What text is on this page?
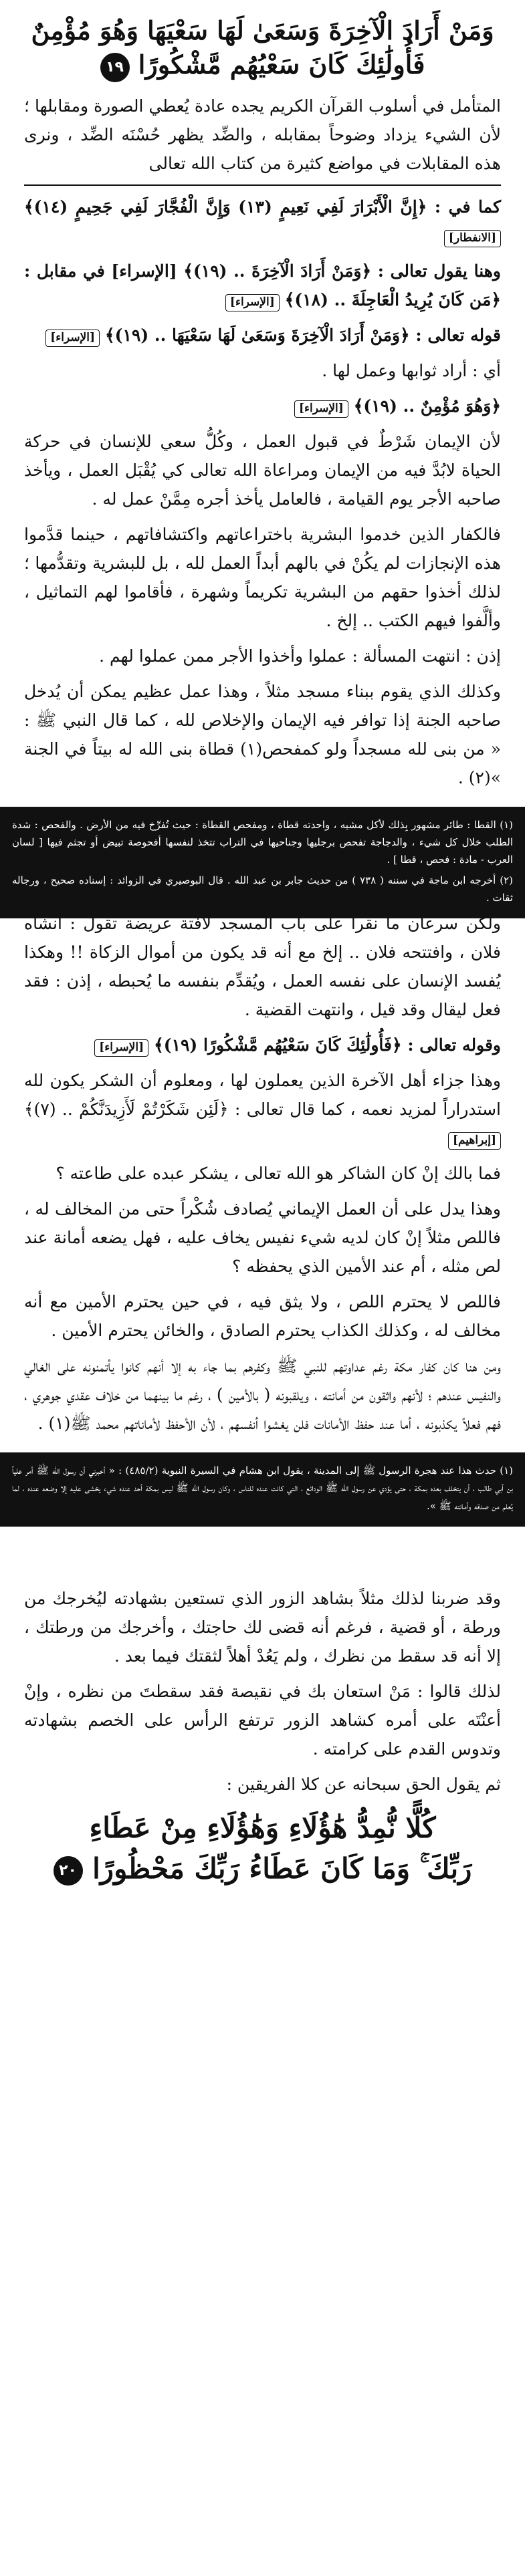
وَمَنْ أَرَادَ الْآخِرَةَ وَسَعَىٰ لَهَا سَعْيَهَا وَهُوَ مُؤْمِنٌ
فَأُولَٰئِكَ كَانَ سَعْيُهُم مَّشْكُورًا ١٩

المتأمل في أسلوب القرآن الكريم يجده عادة يُعطي الصورة ومقابلها ؛ لأن الشيء يزداد وضوحاً بمقابله ، والضِّد يظهر حُسْنَه الضِّد ، ونرى هذه المقابلات في مواضع كثيرة من كتاب الله تعالى

كما في : ﴿إِنَّ الْأَبْرَارَ لَفِي نَعِيمٍ (١٣) وَإِنَّ الْفُجَّارَ لَفِي جَحِيمٍ (١٤)﴾ [الانفطار]

وهنا يقول تعالى : ﴿وَمَنْ أَرَادَ الْآخِرَةَ .. (١٩)﴾ [الإسراء] في مقابل : ﴿مَن كَانَ يُرِيدُ الْعَاجِلَةَ .. (١٨)﴾ [الإسراء]

قوله تعالى : ﴿وَمَنْ أَرَادَ الْآخِرَةَ وَسَعَىٰ لَهَا سَعْيَهَا .. (١٩)﴾ [الإسراء]

أي : أراد ثوابها وعمل لها .

﴿وَهُوَ مُؤْمِنٌ .. (١٩)﴾ [الإسراء]

لأن الإيمان شَرْطٌ في قبول العمل ، وكُلُّ سعي للإنسان في حركة الحياة لابُدَّ فيه من الإيمان ومراعاة الله تعالى كي يُقْبَل العمل ، ويأخذ صاحبه الأجر يوم القيامة ، فالعامل يأخذ أجره مِمَّنْ عمل له .

فالكفار الذين خدموا البشرية باختراعاتهم واكتشافاتهم ، حينما قدَّموا هذه الإنجازات لم يكُنْ في بالهم أبداً العمل لله ، بل للبشرية وتقدُّمها ؛ لذلك أخذوا حقهم من البشرية تكريماً وشهرة ، فأقاموا لهم التماثيل ، وألَّفوا فيهم الكتب .. إلخ .

إذن : انتهت المسألة : عملوا وأخذوا الأجر ممن عملوا لهم .

وكذلك الذي يقوم ببناء مسجد مثلاً ، وهذا عمل عظيم يمكن أن يُدخل صاحبه الجنة إذا توافر فيه الإيمان والإخلاص لله ، كما قال النبي ﷺ : « من بنى لله مسجداً ولو كمفحص(١) قطاة بنى الله له بيتاً في الجنة »(٢) .

(١) القطا : طائر مشهور بِذلك لأكل مشيه ، واحدته قطاة ، ومفحص القطاة : حيث تُفرِّخ فيه من الأرض . والفحص : شدة الطلب خلال كل شيء ، والدجاجة تفحص برجليها وجناحيها في التراب تتخذ لنفسها أفحوصة تبيض أو تجثم فيها [ لسان العرب - مادة : فحص ، قطا ] .
(٢) أخرجه ابن ماجة في سننه ( ٧٣٨ ) من حديث جابر بن عبد الله . قال البوصيري في الزوائد : إسناده صحيح ، ورجاله ثقات .

ولكن سرعان ما نقرأ على باب المسجد لافتة عريضة تقول : أنشأه فلان ، وافتتحه فلان .. إلخ مع أنه قد يكون من أموال الزكاة !! وهكذا يُفسد الإنسان على نفسه العمل ، ويُقدِّم بنفسه ما يُحبطه ، إذن : فقد فعل ليقال وقد قيل ، وانتهت القضية .

وقوله تعالى : ﴿فَأُولَٰئِكَ كَانَ سَعْيُهُم مَّشْكُورًا (١٩)﴾ [الإسراء]

وهذا جزاء أهل الآخرة الذين يعملون لها ، ومعلوم أن الشكر يكون لله استدراراً لمزيد نعمه ، كما قال تعالى : ﴿لَئِن شَكَرْتُمْ لَأَزِيدَنَّكُمْ .. (٧)﴾ [إبراهيم]

فما بالك إنْ كان الشاكر هو الله تعالى ، يشكر عبده على طاعته ؟

وهذا يدل على أن العمل الإيماني يُصادف شُكْراً حتى من المخالف له ، فاللص مثلاً إنْ كان لديه شيء نفيس يخاف عليه ، فهل يضعه أمانة عند لص مثله ، أم عند الأمين الذي يحفظه ؟

فاللص لا يحترم اللص ، ولا يثق فيه ، في حين يحترم الأمين مع أنه مخالف له ، وكذلك الكذاب يحترم الصادق ، والخائن يحترم الأمين .

ومن هنا كان كفار مكة رغم عداوتهم للنبي ﷺ وكفرهم بما جاء به إلا أنهم كانوا يأتمنونه على الغالي والنفيس عندهم ؛ لأنهم واثقون من أمانته ، ويلقبونه ( بالأمين ) ، رغم ما بينهما من خلاف عقدي جوهري ، فهم فعلاً يكذبونه ، أما عند حفظ الأمانات فلن يغشوا أنفسهم ، لأن الأحفظ لأماناتهم محمد ﷺ(١) .

(١) حدث هذا عند هجرة الرسول ﷺ إلى المدينة ، يقول ابن هشام في السيرة النبوية (٤٨٥/٢) : « أخبرني أن رسول الله ﷺ أمر علياً بن أبي طالب ، أن يتخلف بعده بمكة ، حتى يؤدي عن رسول الله ﷺ الودائع ، التي كانت عنده للناس ، وكان رسول الله ﷺ ليس بمكة أحد عنده شيء يخشى عليه إلا وضعه عنده ، لما يُعلم من صدقه وأمانته ﷺ ».

وقد ضربنا لذلك مثلاً بشاهد الزور الذي تستعين بشهادته ليُخرجك من ورطة ، أو قضية ، فرغم أنه قضى لك حاجتك ، وأخرجك من ورطتك ، إلا أنه قد سقط من نظرك ، ولم يَعُدْ أهلاً لثقتك فيما بعد .

لذلك قالوا : مَنْ استعان بك في نقيصة فقد سقطتَ من نظره ، وإنْ أعنْتَه على أمره كشاهد الزور ترتفع الرأس على الخصم بشهادته وتدوس القدم على كرامته .

ثم يقول الحق سبحانه عن كلا الفريقين :

كُلًّا نُّمِدُّ هَٰؤُلَاءِ وَهَٰؤُلَاءِ مِنْ عَطَاءِ
رَبِّكَ ۚ وَمَا كَانَ عَطَاءُ رَبِّكَ مَحْظُورًا ٢٠
